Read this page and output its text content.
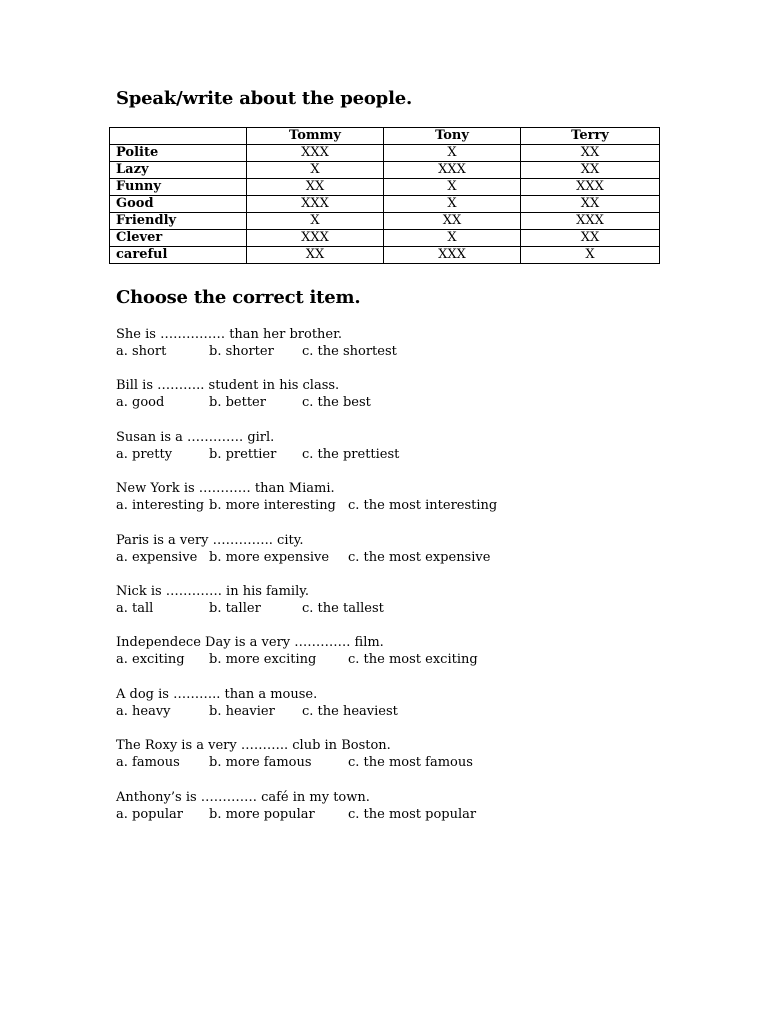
Speak/write about the people.
	Tommy	Tony	Terry
Polite	XXX	X	XX
Lazy	X	XXX	XX
Funny	XX	X	XXX
Good	XXX	X	XX
Friendly	X	XX	XXX
Clever	XXX	X	XX
careful	XX	XXX	X
Choose the correct item.
She is …………… than her brother.
a. short	b. shorter c. the shortest
Bill is ……….. student in his class.
a. good	b. better	c. the best
Susan is a …………. girl.
a. pretty	b. prettier c. the prettiest
New York is ………… than Miami.
a. interesting b. more interesting c. the most interesting
Paris is a very ………….. city.
a. expensive b. more expensive c. the most expensive
Nick is …………. in his family.
a. tall	b. taller	c. the tallest
Independece Day is a very …………. film.
a. exciting b. more exciting c. the most exciting
A dog is ……….. than a mouse.
a. heavy	b. heavier c. the heaviest
The Roxy is a very ……….. club in Boston.
a. famous b. more famous	c. the most famous
Anthony’s is …………. café in my town.
a. popular b. more popular	c. the most popular
